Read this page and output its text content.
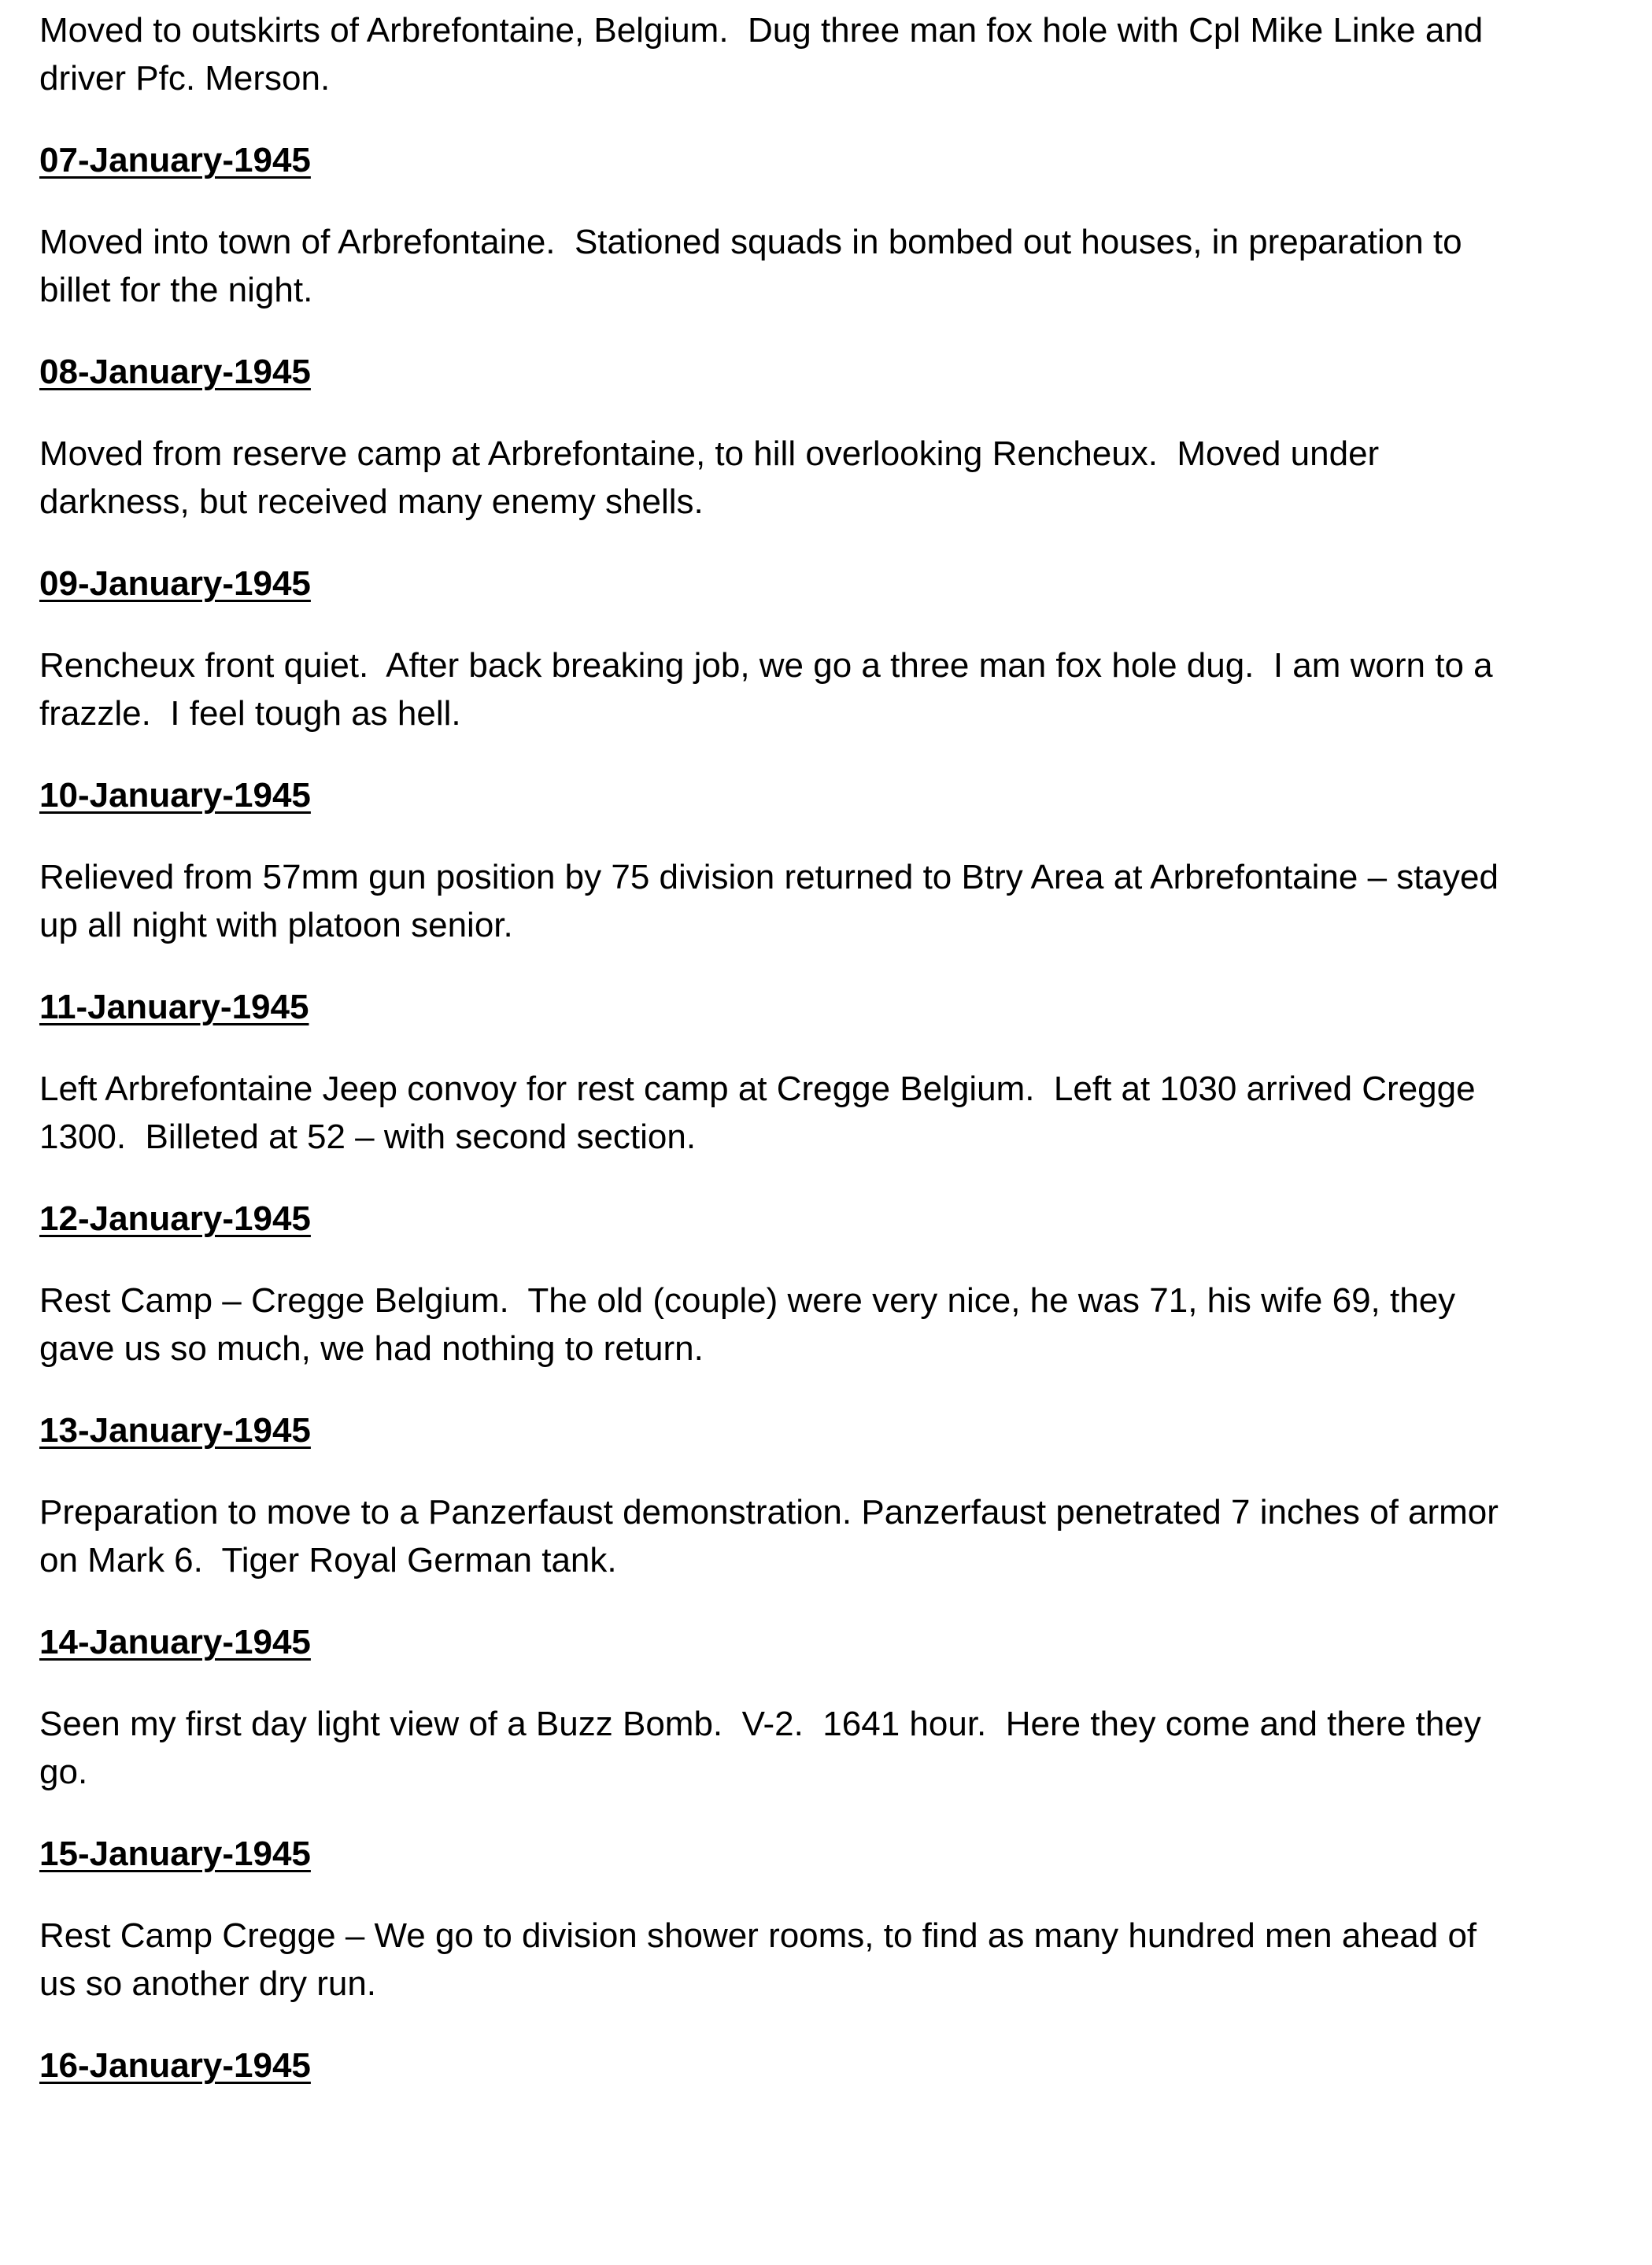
Moved to outskirts of Arbrefontaine, Belgium.  Dug three man fox hole with Cpl Mike Linke and
driver Pfc. Merson.

07-January-1945

Moved into town of Arbrefontaine.  Stationed squads in bombed out houses, in preparation to
billet for the night.

08-January-1945

Moved from reserve camp at Arbrefontaine, to hill overlooking Rencheux.  Moved under
darkness, but received many enemy shells.

09-January-1945

Rencheux front quiet.  After back breaking job, we go a three man fox hole dug.  I am worn to a
frazzle.  I feel tough as hell.

10-January-1945

Relieved from 57mm gun position by 75 division returned to Btry Area at Arbrefontaine – stayed
up all night with platoon senior.

11-January-1945

Left Arbrefontaine Jeep convoy for rest camp at Cregge Belgium.  Left at 1030 arrived Cregge
1300.  Billeted at 52 – with second section.

12-January-1945

Rest Camp – Cregge Belgium.  The old (couple) were very nice, he was 71, his wife 69, they
gave us so much, we had nothing to return.

13-January-1945

Preparation to move to a Panzerfaust demonstration. Panzerfaust penetrated 7 inches of armor
on Mark 6.  Tiger Royal German tank.

14-January-1945

Seen my first day light view of a Buzz Bomb.  V-2.  1641 hour.  Here they come and there they
go.

15-January-1945

Rest Camp Cregge – We go to division shower rooms, to find as many hundred men ahead of
us so another dry run.

16-January-1945
